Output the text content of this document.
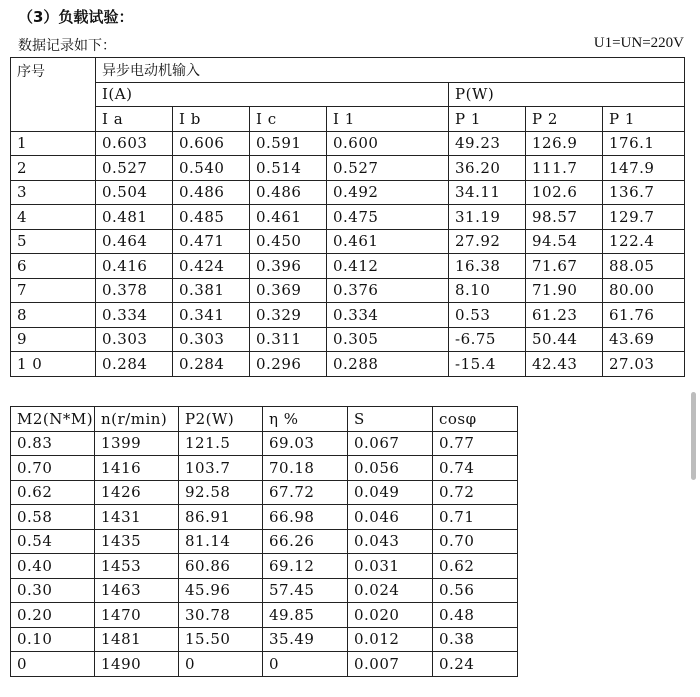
（3）负载试验：
数据记录如下：	U1=UN=220V
序号	异步电动机输入						
	I(A)				P(W)		
	I a	I b	I c	I 1	P 1	P 2	P 1
1	0.603	0.606	0.591	0.600	49.23	126.9	176.1
2	0.527	0.540	0.514	0.527	36.20	111.7	147.9
3	0.504	0.486	0.486	0.492	34.11	102.6	136.7
4	0.481	0.485	0.461	0.475	31.19	98.57	129.7
5	0.464	0.471	0.450	0.461	27.92	94.54	122.4
6	0.416	0.424	0.396	0.412	16.38	71.67	88.05
7	0.378	0.381	0.369	0.376	8.10	71.90	80.00
8	0.334	0.341	0.329	0.334	0.53	61.23	61.76
9	0.303	0.303	0.311	0.305	-6.75	50.44	43.69
1 0	0.284	0.284	0.296	0.288	-15.4	42.43	27.03
M2(N*M)	n(r/min)	P2(W)	η %	S	cosφ
0.83	1399	121.5	69.03	0.067	0.77
0.70	1416	103.7	70.18	0.056	0.74
0.62	1426	92.58	67.72	0.049	0.72
0.58	1431	86.91	66.98	0.046	0.71
0.54	1435	81.14	66.26	0.043	0.70
0.40	1453	60.86	69.12	0.031	0.62
0.30	1463	45.96	57.45	0.024	0.56
0.20	1470	30.78	49.85	0.020	0.48
0.10	1481	15.50	35.49	0.012	0.38
0	1490	0	0	0.007	0.24
